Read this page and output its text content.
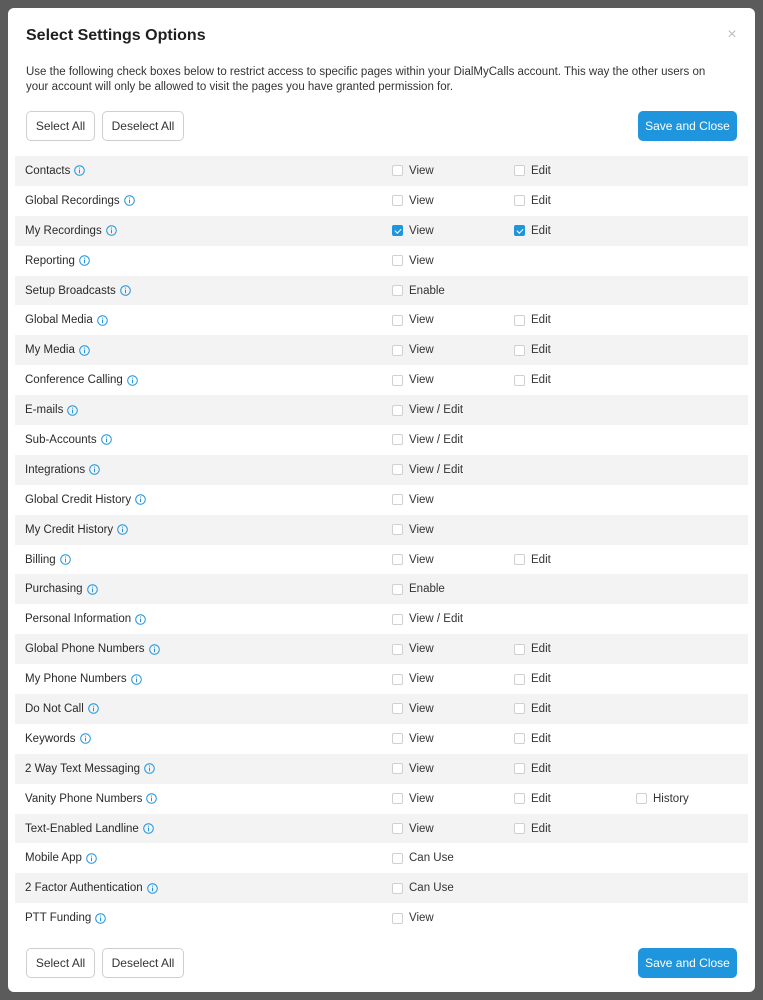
Select Settings Options	×
Use the following check boxes below to restrict access to specific pages within your DialMyCalls account. This way the other users on your account will only be allowed to visit the pages you have granted permission for.
Select All	Deselect All	Save and Close
Contacts	View	Edit
Global Recordings	View	Edit
My Recordings	View	Edit
Reporting	View
Setup Broadcasts	Enable
Global Media	View	Edit
My Media	View	Edit
Conference Calling	View	Edit
E-mails	View / Edit
Sub-Accounts	View / Edit
Integrations	View / Edit
Global Credit History	View
My Credit History	View
Billing	View	Edit
Purchasing	Enable
Personal Information	View / Edit
Global Phone Numbers	View	Edit
My Phone Numbers	View	Edit
Do Not Call	View	Edit
Keywords	View	Edit
2 Way Text Messaging	View	Edit
Vanity Phone Numbers	View	Edit	History
Text-Enabled Landline	View	Edit
Mobile App	Can Use
2 Factor Authentication	Can Use
PTT Funding	View
Select All	Deselect All	Save and Close
